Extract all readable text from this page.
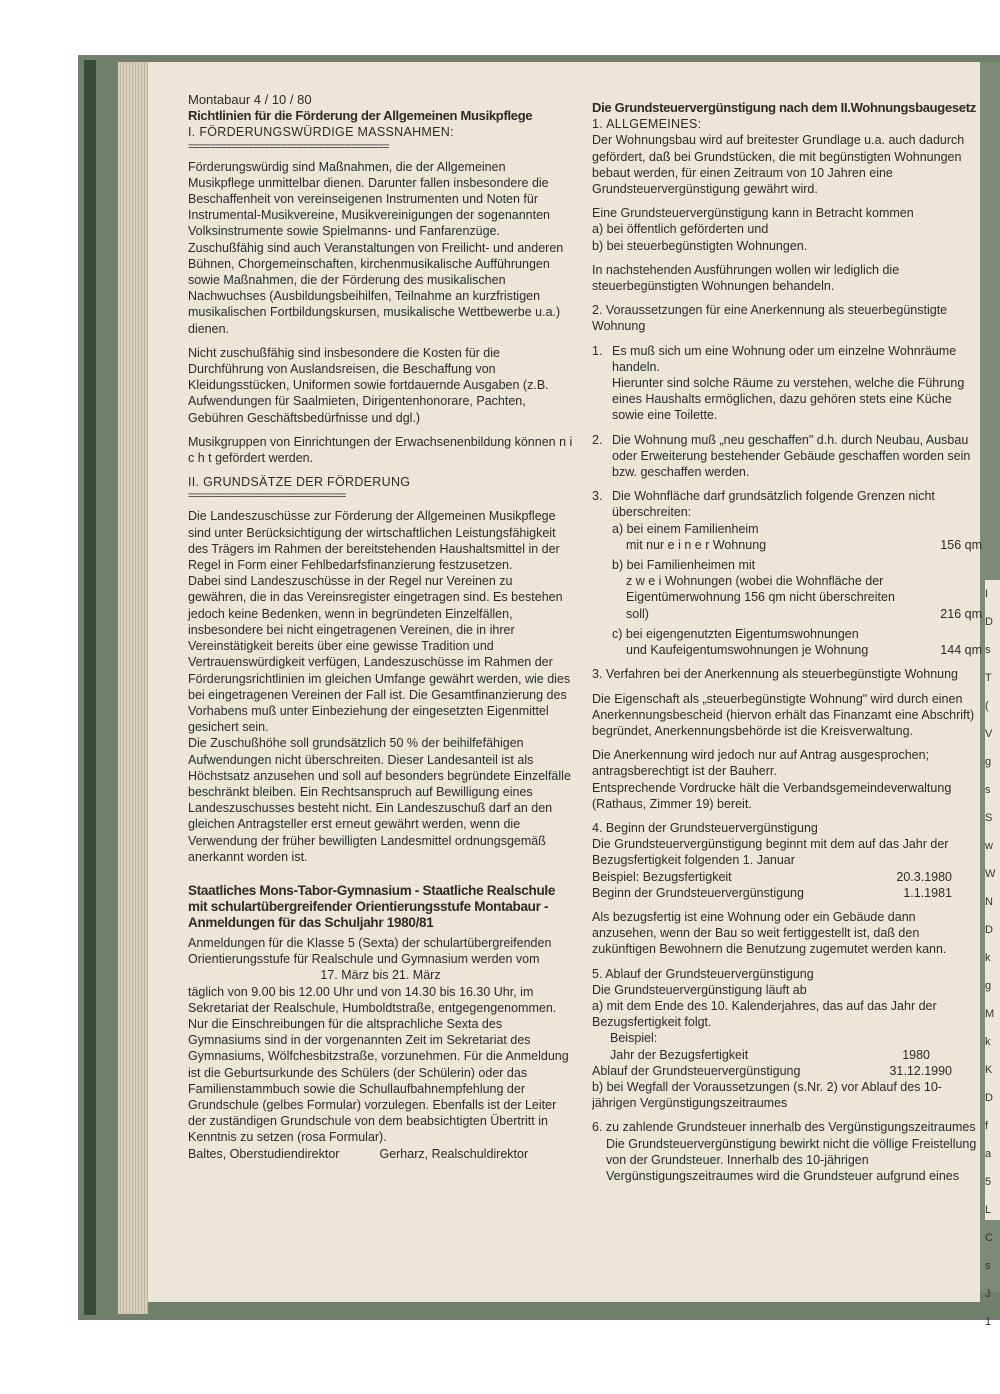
I
D
s
T
(
V
g
s
S
w
W
N
D
k
g
M
k
K
D
f
a
5
L
C
s
J
1
Montabaur 4 / 10 / 80
Richtlinien für die Förderung der Allgemeinen Musikpflege
I. FÖRDERUNGSWÜRDIGE MASSNAHMEN:
=====================================

Förderungswürdig sind Maßnahmen, die der Allgemeinen Musikpflege unmittelbar dienen. Darunter fallen insbesondere die Beschaffenheit von vereinseigenen Instrumenten und Noten für Instrumental-Musikvereine, Musikvereinigungen der sogenannten Volksinstrumente sowie Spielmanns- und Fanfarenzüge. Zuschußfähig sind auch Veranstaltungen von Freilicht- und anderen Bühnen, Chorgemeinschaften, kirchenmusikalische Aufführungen sowie Maßnahmen, die der Förderung des musikalischen Nachwuchses (Ausbildungsbeihilfen, Teilnahme an kurzfristigen musikalischen Fortbildungskursen, musikalische Wettbewerbe u.a.) dienen.

Nicht zuschußfähig sind insbesondere die Kosten für die Durchführung von Auslandsreisen, die Beschaffung von Kleidungsstücken, Uniformen sowie fortdauernde Ausgaben (z.B. Aufwendungen für Saalmieten, Dirigentenhonorare, Pachten, Gebühren Geschäftsbedürfnisse und dgl.)

Musikgruppen von Einrichtungen der Erwachsenenbildung können n i c h t gefördert werden.

II. GRUNDSÄTZE DER FÖRDERUNG
=============================
Die Landeszuschüsse zur Förderung der Allgemeinen Musikpflege sind unter Berücksichtigung der wirtschaftlichen Leistungsfähigkeit des Trägers im Rahmen der bereitstehenden Haushaltsmittel in der Regel in Form einer Fehlbedarfsfinanzierung festzusetzen.
Dabei sind Landeszuschüsse in der Regel nur Vereinen zu gewähren, die in das Vereinsregister eingetragen sind. Es bestehen jedoch keine Bedenken, wenn in begründeten Einzelfällen, insbesondere bei nicht eingetragenen Vereinen, die in ihrer Vereinstätigkeit bereits über eine gewisse Tradition und Vertrauenswürdigkeit verfügen, Landeszuschüsse im Rahmen der Förderungsrichtlinien im gleichen Umfange gewährt werden, wie dies bei eingetragenen Vereinen der Fall ist. Die Gesamtfinanzierung des Vorhabens muß unter Einbeziehung der eingesetzten Eigenmittel gesichert sein.

Die Zuschußhöhe soll grundsätzlich 50 % der beihilfefähigen Aufwendungen nicht überschreiten. Dieser Landesanteil ist als Höchstsatz anzusehen und soll auf besonders begründete Einzelfälle beschränkt bleiben. Ein Rechtsanspruch auf Bewilligung eines Landeszuschusses besteht nicht. Ein Landeszuschuß darf an den gleichen Antragsteller erst erneut gewährt werden, wenn die Verwendung der früher bewilligten Landesmittel ordnungsgemäß anerkannt worden ist.

Staatliches Mons-Tabor-Gymnasium - Staatliche Realschule mit schulartübergreifender Orientierungsstufe Montabaur - Anmeldungen für das Schuljahr 1980/81
Anmeldungen für die Klasse 5 (Sexta) der schulartübergreifenden Orientierungsstufe für Realschule und Gymnasium werden vom
17. März bis 21. März
täglich von 9.00 bis 12.00 Uhr und von 14.30 bis 16.30 Uhr, im Sekretariat der Realschule, Humboldtstraße, entgegengenommen. Nur die Einschreibungen für die altsprachliche Sexta des Gymnasiums sind in der vorgenannten Zeit im Sekretariat des Gymnasiums, Wölfchesbitzstraße, vorzunehmen. Für die Anmeldung ist die Geburtsurkunde des Schülers (der Schülerin) oder das Familienstammbuch sowie die Schullaufbahnempfehlung der Grundschule (gelbes Formular) vorzulegen. Ebenfalls ist der Leiter der zuständigen Grundschule von dem beabsichtigten Übertritt in Kenntnis zu setzen (rosa Formular).
Baltes, Oberstudiendirektor	Gerharz, Realschuldirektor
Die Grundsteuervergünstigung nach dem II.Wohnungsbaugesetz
1. ALLGEMEINES:

Der Wohnungsbau wird auf breitester Grundlage u.a. auch dadurch gefördert, daß bei Grundstücken, die mit begünstigten Wohnungen bebaut werden, für einen Zeitraum von 10 Jahren eine Grundsteuervergünstigung gewährt wird.

Eine Grundsteuervergünstigung kann in Betracht kommen
a) bei öffentlich geförderten und

b) bei steuerbegünstigten Wohnungen.

In nachstehenden Ausführungen wollen wir lediglich die steuerbegünstigten Wohnungen behandeln.

2. Voraussetzungen für eine Anerkennung als steuerbegünstigte Wohnung

1. Es muß sich um eine Wohnung oder um einzelne Wohnräume handeln.

Hierunter sind solche Räume zu verstehen, welche die Führung eines Haushalts ermöglichen, dazu gehören stets eine Küche sowie eine Toilette.

2. Die Wohnung muß „neu geschaffen" d.h. durch Neubau, Ausbau oder Erweiterung bestehender Gebäude geschaffen worden sein bzw. geschaffen werden.

3. Die Wohnfläche darf grundsätzlich folgende Grenzen nicht überschreiten:
a) bei einem Familienheim
mit nur e i n e r Wohnung	156 qm
b) bei Familienheimen mit
z w e i Wohnungen (wobei die Wohnfläche der Eigentümerwohnung 156 qm nicht überschreiten soll)	216 qm
c) bei eigengenutzten Eigentumswohnungen
und Kaufeigentumswohnungen je Wohnung	144 qm

3. Verfahren bei der Anerkennung als steuerbegünstigte Wohnung

Die Eigenschaft als „steuerbegünstigte Wohnung" wird durch einen Anerkennungsbescheid (hiervon erhält das Finanzamt eine Abschrift) begründet, Anerkennungsbehörde ist die Kreisverwaltung.

Die Anerkennung wird jedoch nur auf Antrag ausgesprochen; antragsberechtigt ist der Bauherr.

Entsprechende Vordrucke hält die Verbandsgemeindeverwaltung (Rathaus, Zimmer 19) bereit.

4. Beginn der Grundsteuervergünstigung
Die Grundsteuervergünstigung beginnt mit dem auf das Jahr der Bezugsfertigkeit folgenden 1. Januar
Beispiel: Bezugsfertigkeit	20.3.1980

Beginn der Grundsteuervergünstigung	1.1.1981

Als bezugsfertig ist eine Wohnung oder ein Gebäude dann anzusehen, wenn der Bau so weit fertiggestellt ist, daß den zukünftigen Bewohnern die Benutzung zugemutet werden kann.

5. Ablauf der Grundsteuervergünstigung
Die Grundsteuervergünstigung läuft ab
a) mit dem Ende des 10. Kalenderjahres, das auf das Jahr der Bezugsfertigkeit folgt.
Beispiel:
Jahr der Bezugsfertigkeit	1980
Ablauf der Grundsteuervergünstigung	31.12.1990

b) bei Wegfall der Voraussetzungen (s.Nr. 2) vor Ablauf des 10-jährigen Vergünstigungszeitraumes

6. zu zahlende Grundsteuer innerhalb des Vergünstigungszeitraumes
Die Grundsteuervergünstigung bewirkt nicht die völlige Freistellung von der Grundsteuer. Innerhalb des 10-jährigen Vergünstigungszeitraumes wird die Grundsteuer aufgrund eines
